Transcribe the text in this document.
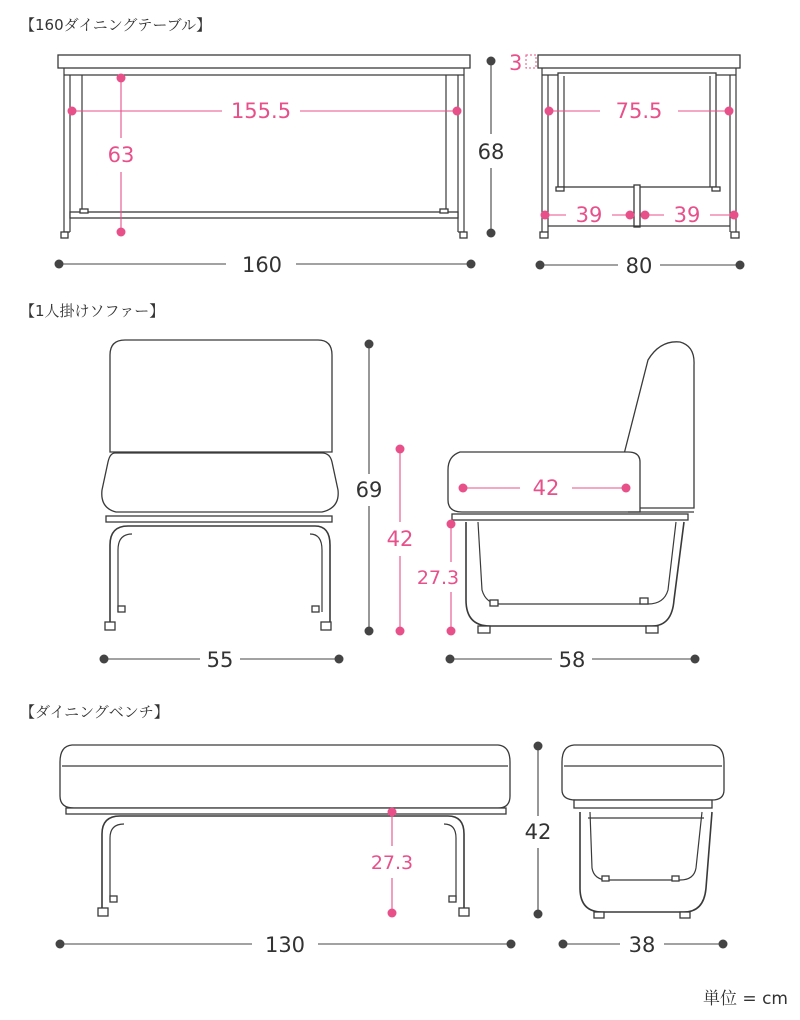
【160ダイニングテーブル】
155.5
63	68
3
160
75.5
39	39
80
【1人掛けソファー】
69
42
27.3
42
55	58
【ダイニングベンチ】
42
27.3
130	38
単位 = cm
